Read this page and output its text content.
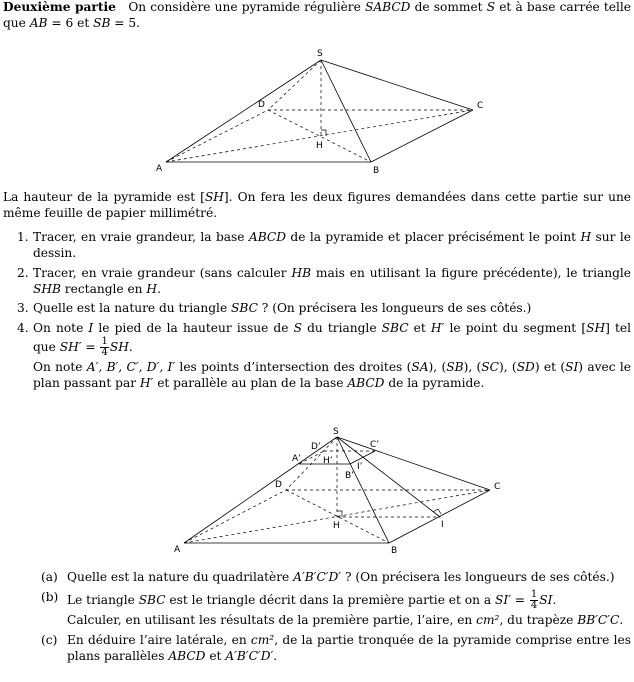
Deuxième partie On considère une pyramide régulière SABCD de sommet S et à base carrée telle que AB = 6 et SB = 5.

S
D	C
H
A	B

La hauteur de la pyramide est [SH]. On fera les deux figures demandées dans cette partie sur une même feuille de papier millimétré.

1. Tracer, en vraie grandeur, la base ABCD de la pyramide et placer précisément le point H sur le dessin.
2. Tracer, en vraie grandeur (sans calculer HB mais en utilisant la figure précédente), le triangle SHB rectangle en H.
3. Quelle est la nature du triangle SBC ? (On précisera les longueurs de ses côtés.)
4. On note I le pied de la hauteur issue de S du triangle SBC et H′ le point du segment [SH] tel que $SH' = \frac{1}{4}$ SH.
On note A′, B′, C′, D′, I′ les points d’intersection des droites (SA), (SB), (SC), (SD) et (SI) avec le plan passant par H′ et parallèle au plan de la base ABCD de la pyramide.
S
D’	C’
A’ H’
I’
B’
D	C
H	I
A	B
(a) Quelle est la nature du quadrilatère A′B′C′D′ ? (On précisera les longueurs de ses côtés.)
(b) Le triangle SBC est le triangle décrit dans la première partie et on a $SI' = \frac{1}{4}$ SI.
Calculer, en utilisant les résultats de la première partie, l’aire, en cm², du trapèze BB′C′C.
(c) En déduire l’aire latérale, en cm², de la partie tronquée de la pyramide comprise entre les plans parallèles ABCD et A′B′C′D′.
